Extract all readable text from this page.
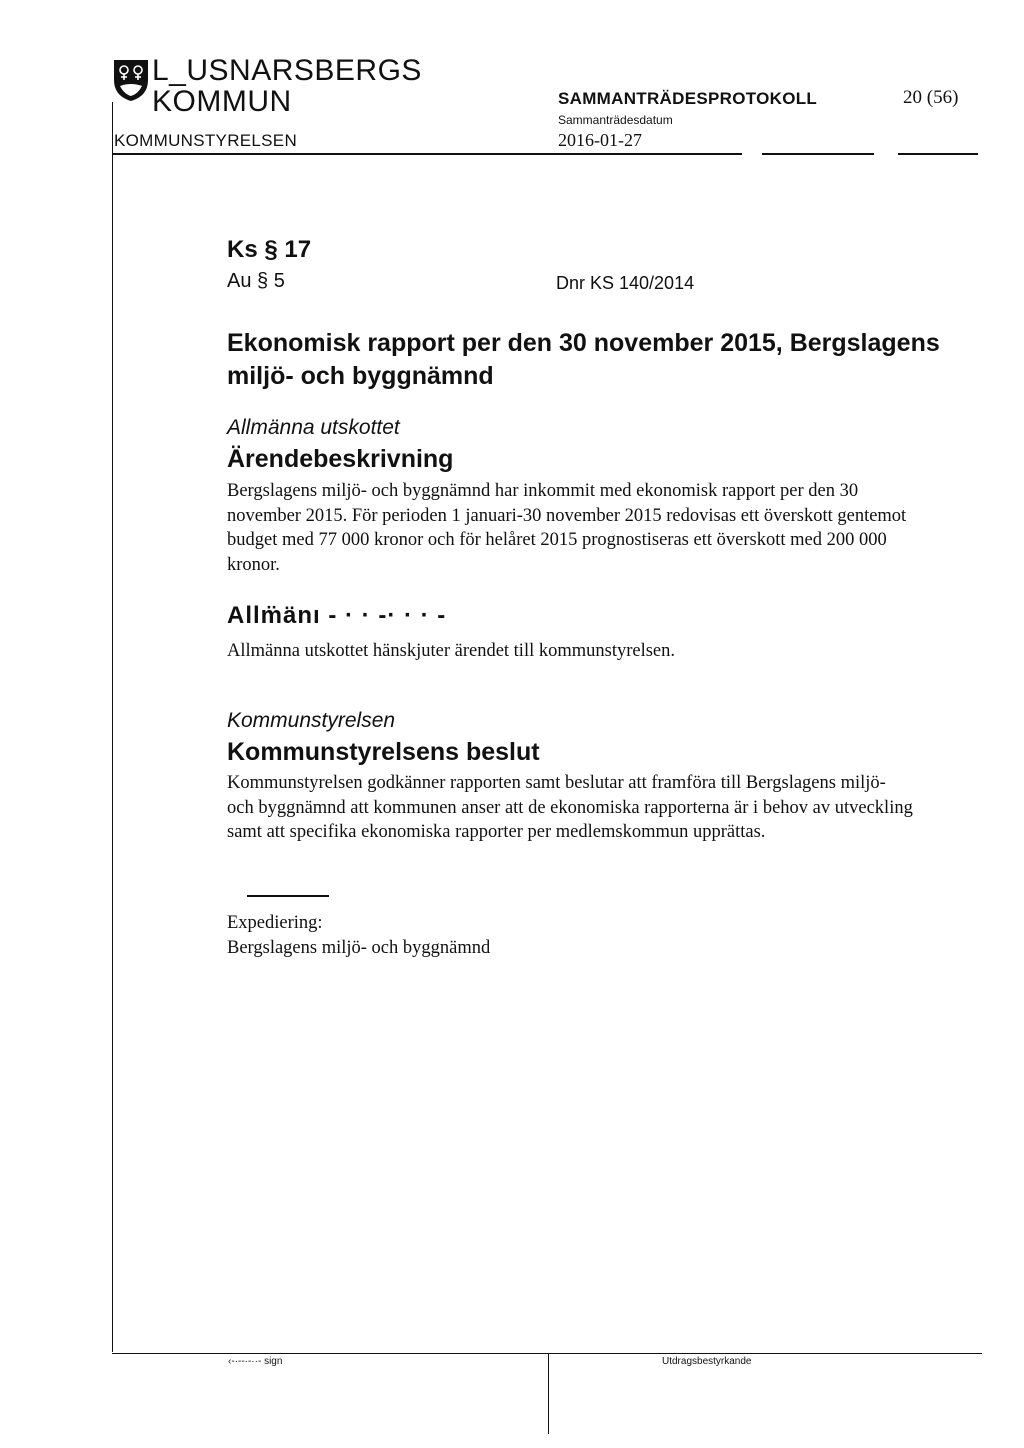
L_USNARSBERGS
KOMMUN	SAMMANTRÄDESPROTOKOLL	20 (56)
Sammanträdesdatum
KOMMUNSTYRELSEN	2016-01-27
Ks § 17
Au § 5	Dnr KS 140/2014
Ekonomisk rapport per den 30 november 2015, Bergslagens miljö- och byggnämnd
Allmänna utskottet
Ärendebeskrivning
Bergslagens miljö- och byggnämnd har inkommit med ekonomisk rapport per den 30 november 2015. För perioden 1 januari-30 november 2015 redovisas ett överskott gentemot budget med 77 000 kronor och för helåret 2015 prognostiseras ett överskott med 200 000 kronor.
Allm̈änı - · · -· · · -
Allmänna utskottet hänskjuter ärendet till kommunstyrelsen.
Kommunstyrelsen
Kommunstyrelsens beslut
Kommunstyrelsen godkänner rapporten samt beslutar att framföra till Bergslagens miljö- och byggnämnd att kommunen anser att de ekonomiska rapporterna är i behov av utveckling samt att specifika ekonomiska rapporter per medlemskommun upprättas.
Expediering:
Bergslagens miljö- och byggnämnd
‹-·--·-··- sign	Utdragsbestyrkande
